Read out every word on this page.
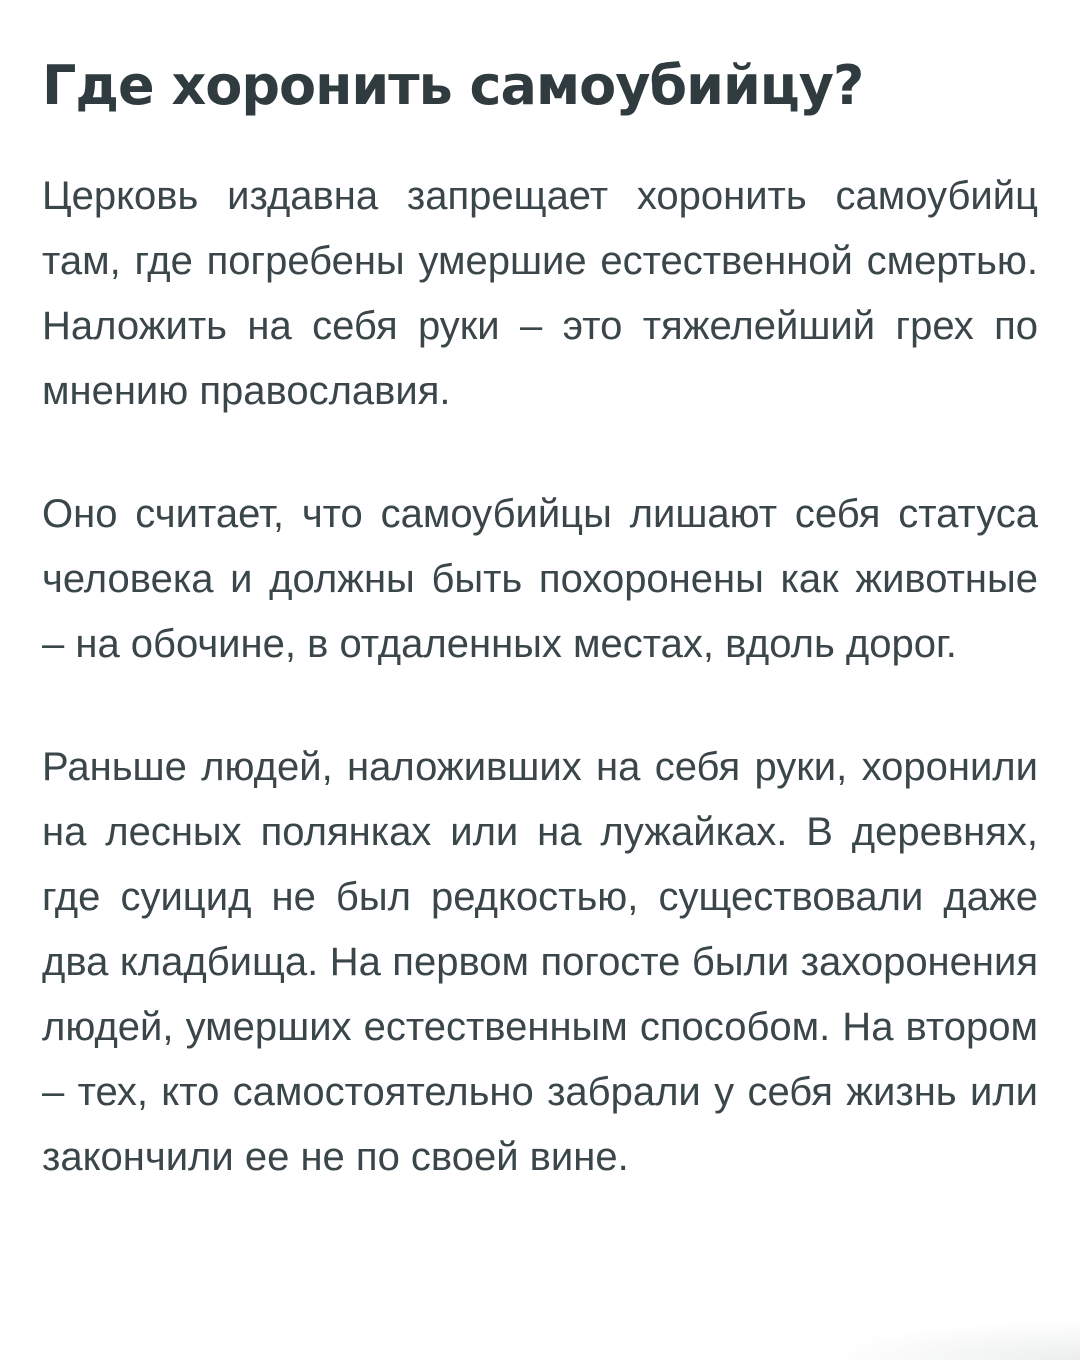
Где хоронить самоубийцу?

Церковь издавна запрещает хоронить самоубийц там, где погребены умершие естественной смертью. Наложить на себя руки – это тяжелейший грех по мнению православия.

Оно считает, что самоубийцы лишают себя статуса человека и должны быть похоронены как животные – на обочине, в отдаленных местах, вдоль дорог.

Раньше людей, наложивших на себя руки, хоронили на лесных полянках или на лужайках. В деревнях, где суицид не был редкостью, существовали даже два кладбища. На первом погосте были захоронения людей, умерших естественным способом. На втором – тех, кто самостоятельно забрали у себя жизнь или закончили ее не по своей вине.
